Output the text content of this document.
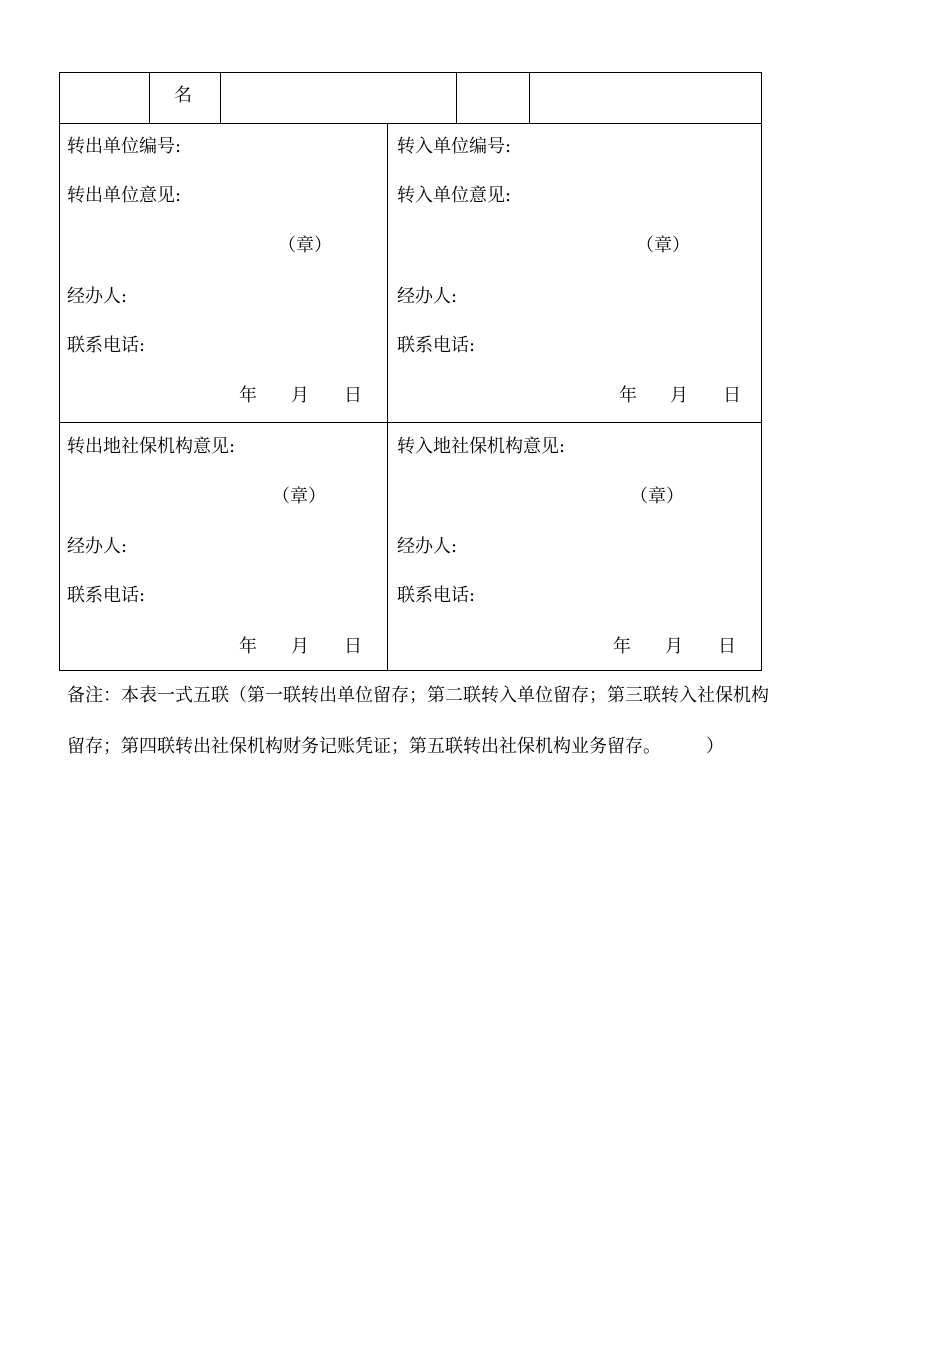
名
转出单位编号:
转出单位意见:
（章）
经办人:
联系电话:
年 月 日
转入单位编号:
转入单位意见:
（章）
经办人:
联系电话:
年 月 日
转出地社保机构意见:
（章）
经办人:
联系电话:
年 月 日
转入地社保机构意见:
（章）
经办人:
联系电话:
年 月 日
备注：本表一式五联（第一联转出单位留存；第二联转入单位留存；第三联转入社保机构
留存；第四联转出社保机构财务记账凭证；第五联转出社保机构业务留存。　　　）
